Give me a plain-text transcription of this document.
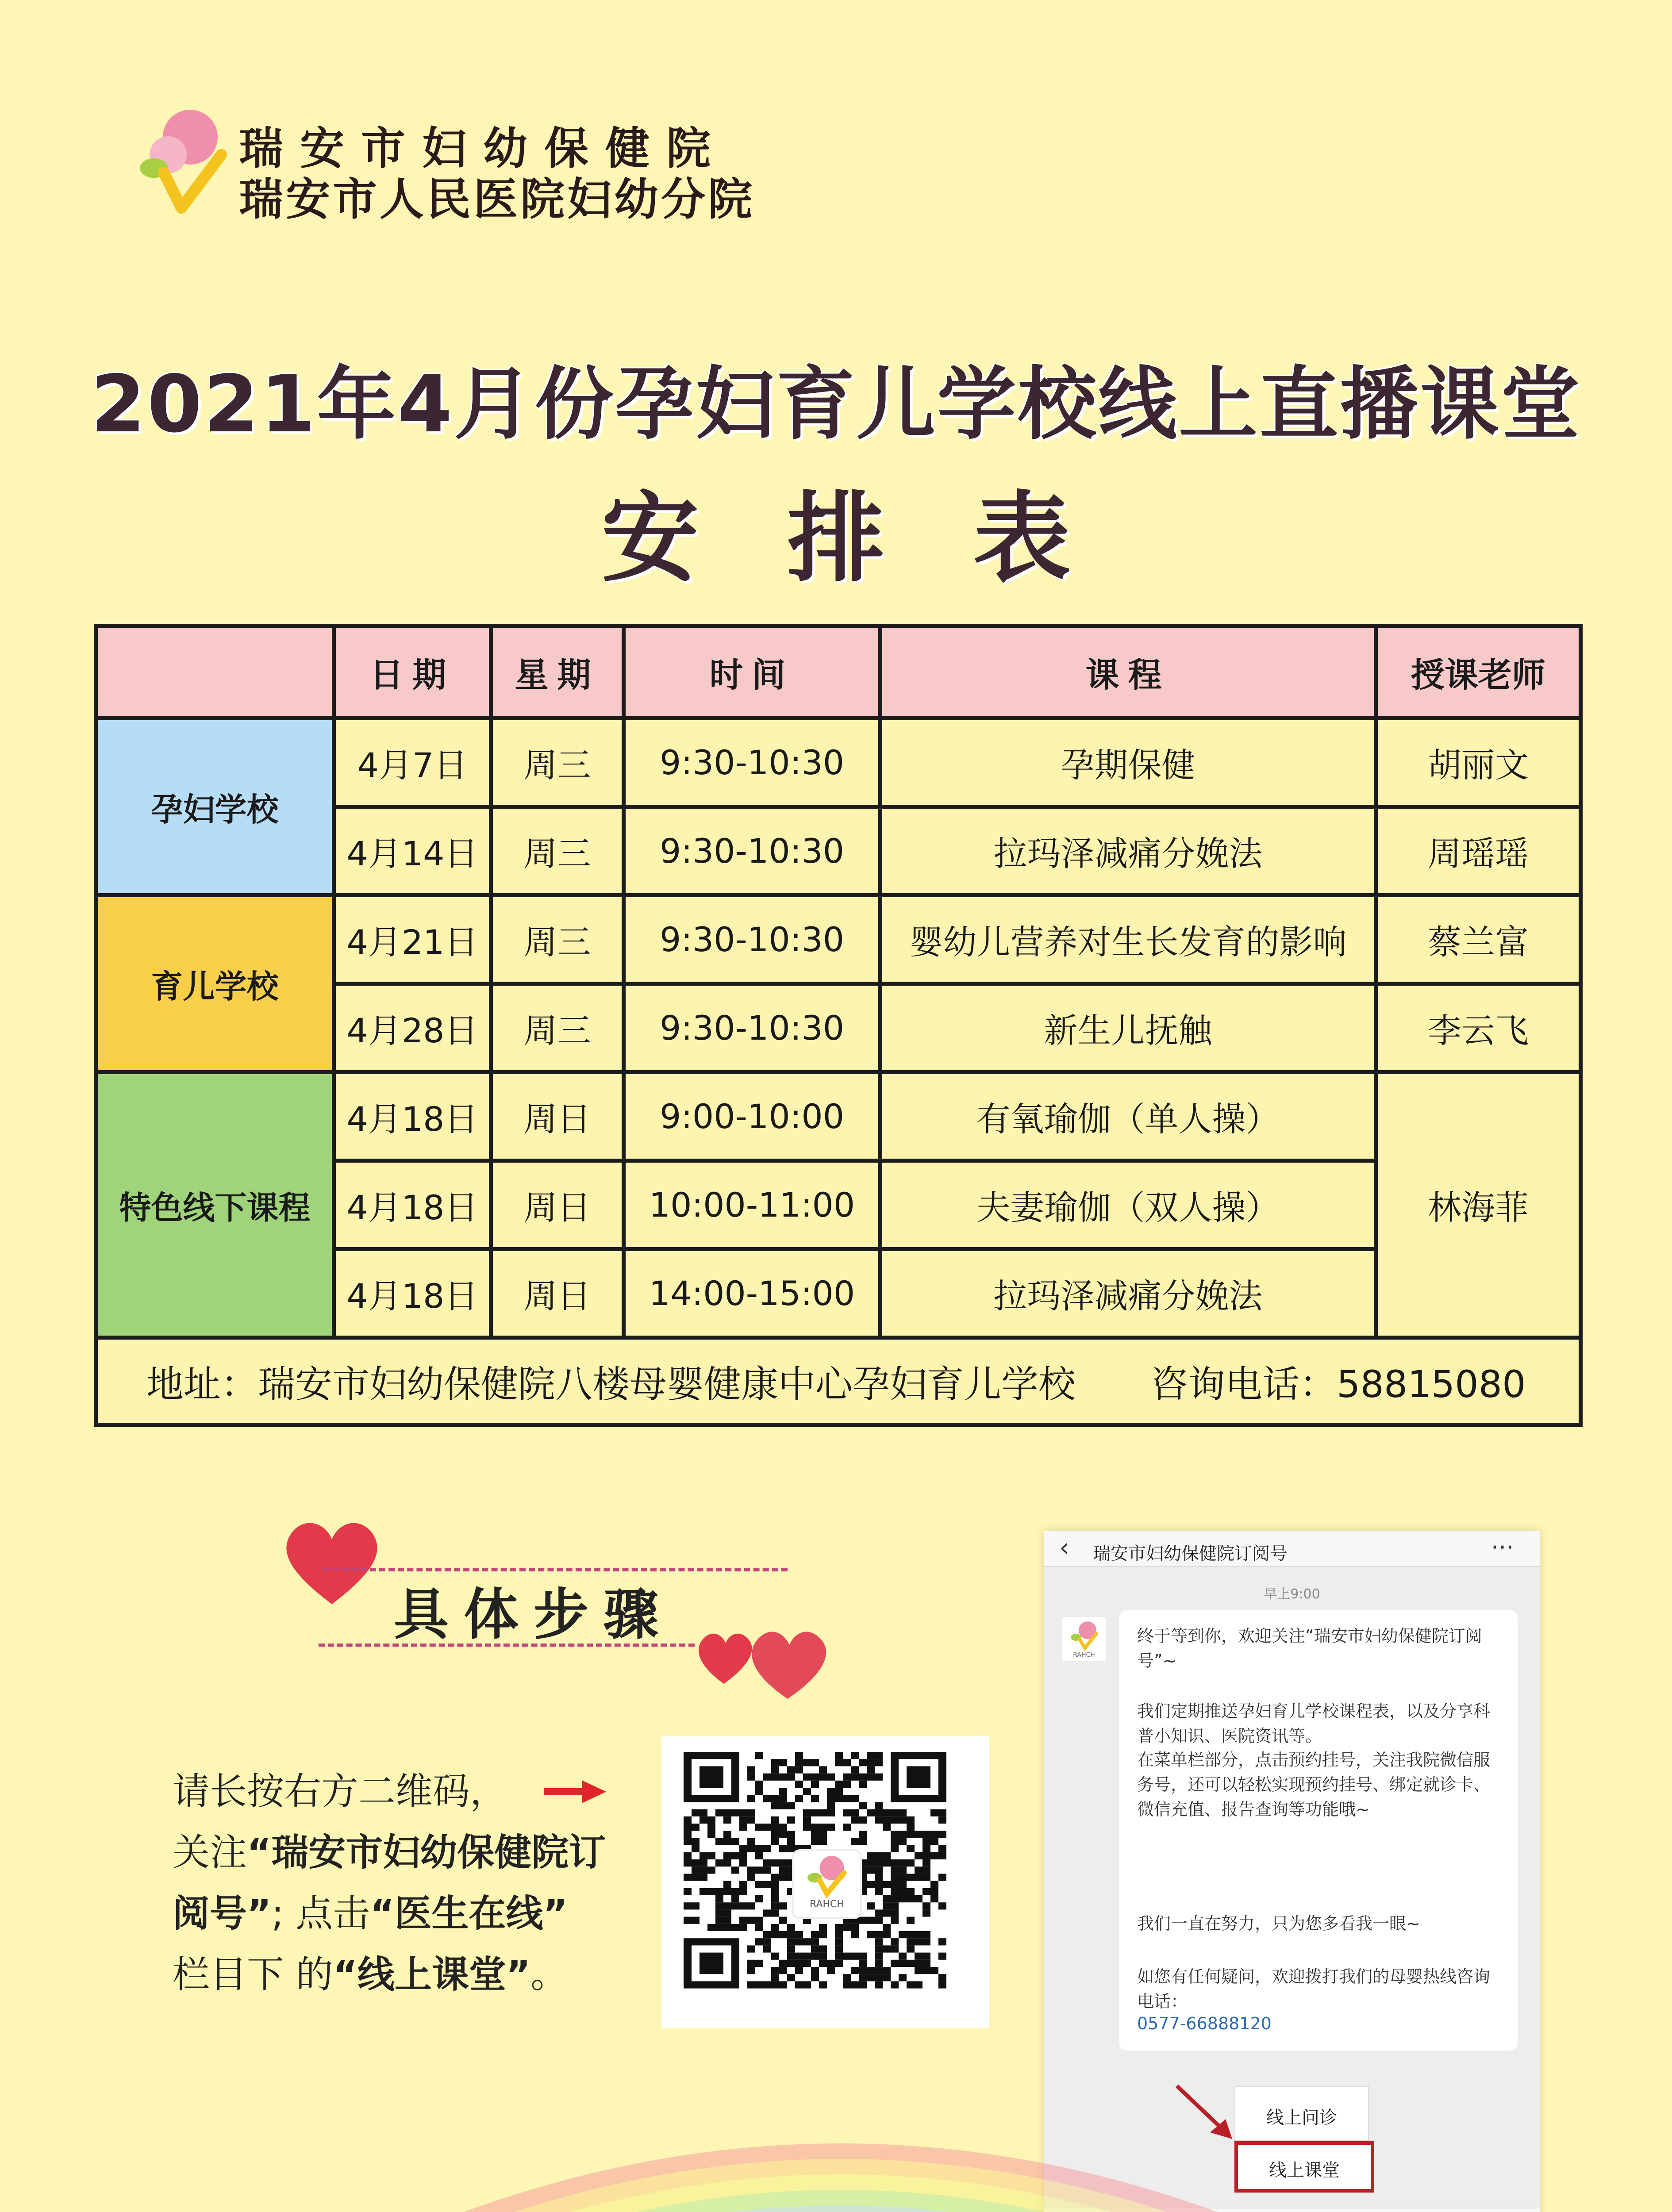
瑞安市妇幼保健院
瑞安市人民医院妇幼分院
2021年4月份孕妇育儿学校线上直播课堂
安排表
	日期	星期	时间	课程	授课老师
孕妇学校	4月7日	周三	9:30-10:30	孕期保健	胡丽文
	4月14日	周三	9:30-10:30	拉玛泽减痛分娩法	周瑶瑶
育儿学校	4月21日	周三	9:30-10:30	婴幼儿营养对生长发育的影响	蔡兰富
	4月28日	周三	9:30-10:30	新生儿抚触	李云飞
特色线下课程	4月18日	周日	9:00-10:00	有氧瑜伽（单人操）	林海菲
	4月18日	周日	10:00-11:00	夫妻瑜伽（双人操）	
	4月18日	周日	14:00-15:00	拉玛泽减痛分娩法	
地址：瑞安市妇幼保健院八楼母婴健康中心孕妇育儿学校 咨询电话：58815080					
具体步骤
请长按右方二维码，
关注“瑞安市妇幼保健院订
阅号”; 点击“医生在线”
栏目下 的“线上课堂”。
RAHCH
‹ 瑞安市妇幼保健院订阅号	···
早上9:00
RAHCH
终于等到你，欢迎关注“瑞安市妇幼保健院订阅号”~
我们定期推送孕妇育儿学校课程表，以及分享科普小知识、医院资讯等。
在菜单栏部分，点击预约挂号，关注我院微信服务号，还可以轻松实现预约挂号、绑定就诊卡、微信充值、报告查询等功能哦~
我们一直在努力，只为您多看我一眼~
如您有任何疑问，欢迎拨打我们的母婴热线咨询电话：
0577-66888120
线上问诊
线上课堂
